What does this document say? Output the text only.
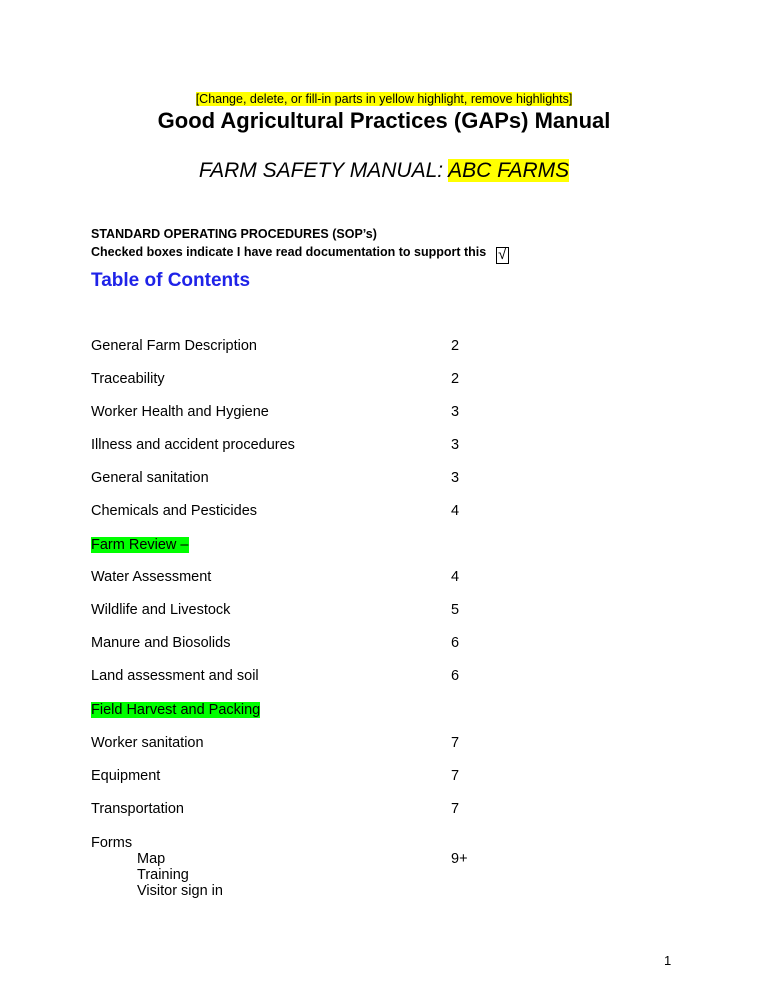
[Change, delete, or fill-in parts in yellow highlight, remove highlights]
Good Agricultural Practices (GAPs) Manual
FARM SAFETY MANUAL: ABC FARMS
STANDARD OPERATING PROCEDURES (SOP’s)
Checked boxes indicate I have read documentation to support this √
Table of Contents
General Farm Description	2
Traceability	2
Worker Health and Hygiene	3
Illness and accident procedures	3
General sanitation	3
Chemicals and Pesticides	4
Farm Review –
Water Assessment	4
Wildlife and Livestock	5
Manure and Biosolids	6
Land assessment and soil	6
Field Harvest and Packing
Worker sanitation	7
Equipment	7
Transportation	7
Forms
Map	9+
Training
Visitor sign in
1
